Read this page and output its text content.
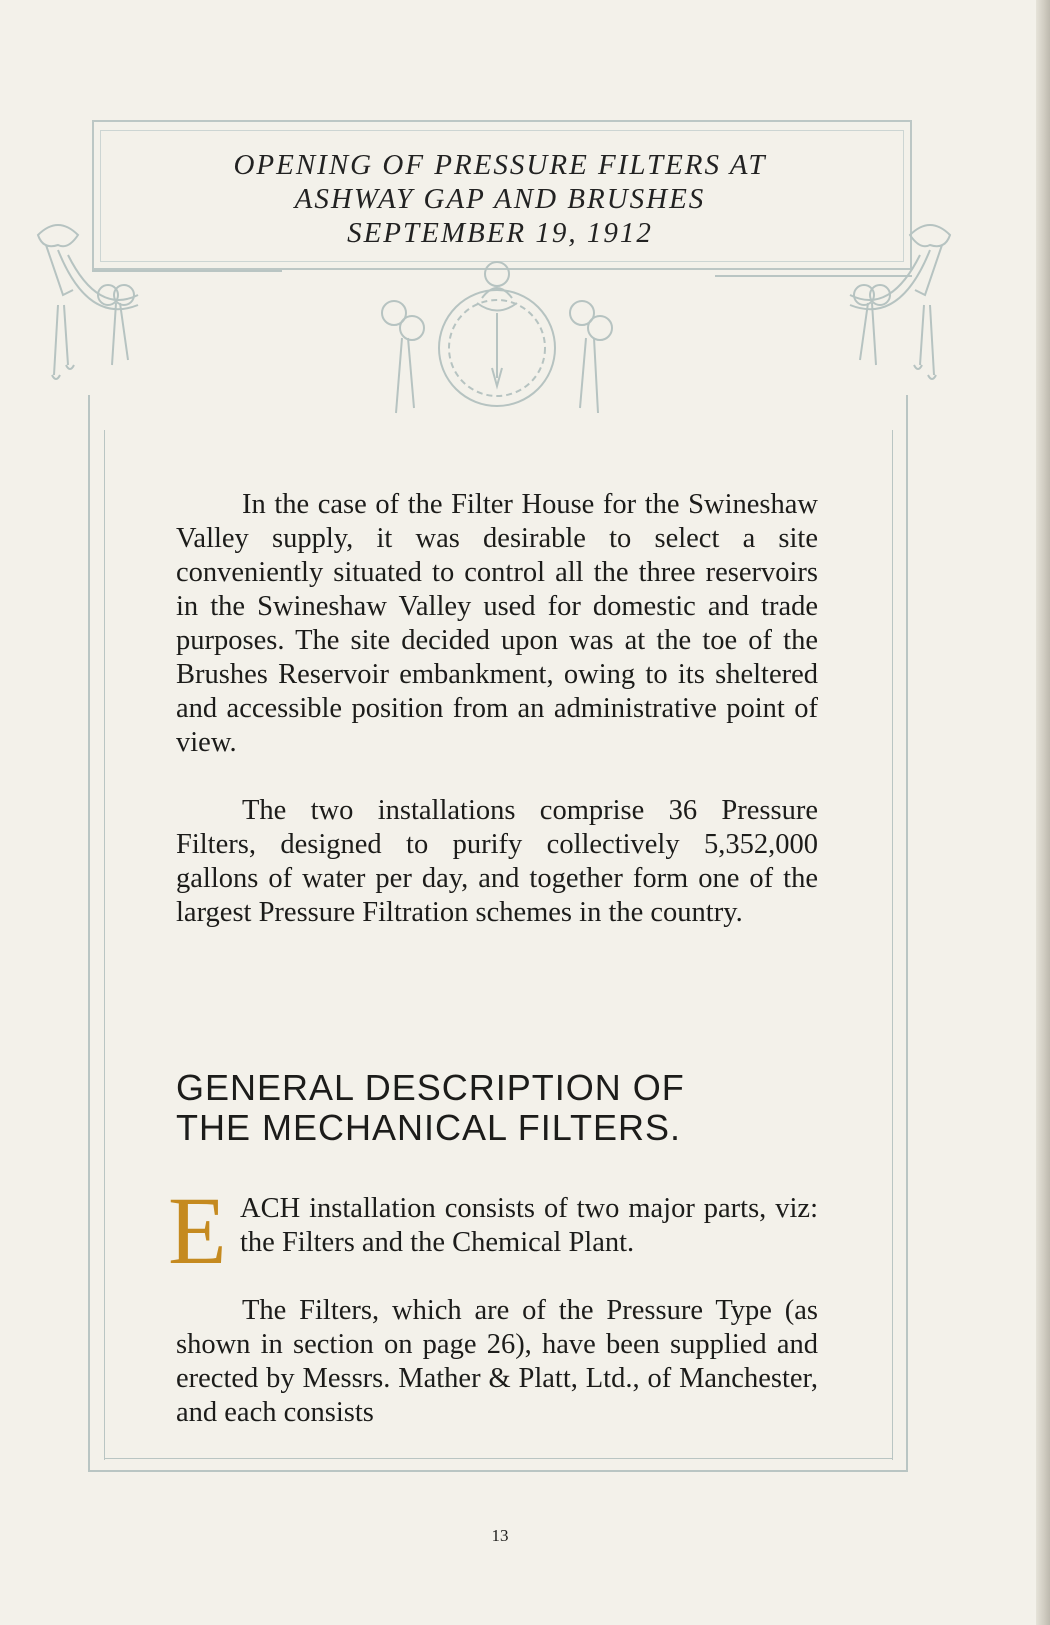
OPENING OF PRESSURE FILTERS AT
ASHWAY GAP AND BRUSHES
SEPTEMBER 19, 1912

In the case of the Filter House for the Swineshaw Valley supply, it was desirable to select a site conveniently situated to control all the three reservoirs in the Swineshaw Valley used for domestic and trade purposes. The site decided upon was at the toe of the Brushes Reservoir embankment, owing to its sheltered and accessible position from an administrative point of view.

The two installations comprise 36 Pressure Filters, designed to purify collectively 5,352,000 gallons of water per day, and together form one of the largest Pressure Filtration schemes in the country.

GENERAL DESCRIPTION OF
THE MECHANICAL FILTERS.
E ACH installation consists of two major parts, viz: the Filters and the Chemical Plant.

The Filters, which are of the Pressure Type (as shown in section on page 26), have been supplied and erected by Messrs. Mather & Platt, Ltd., of Manchester, and each consists

13
